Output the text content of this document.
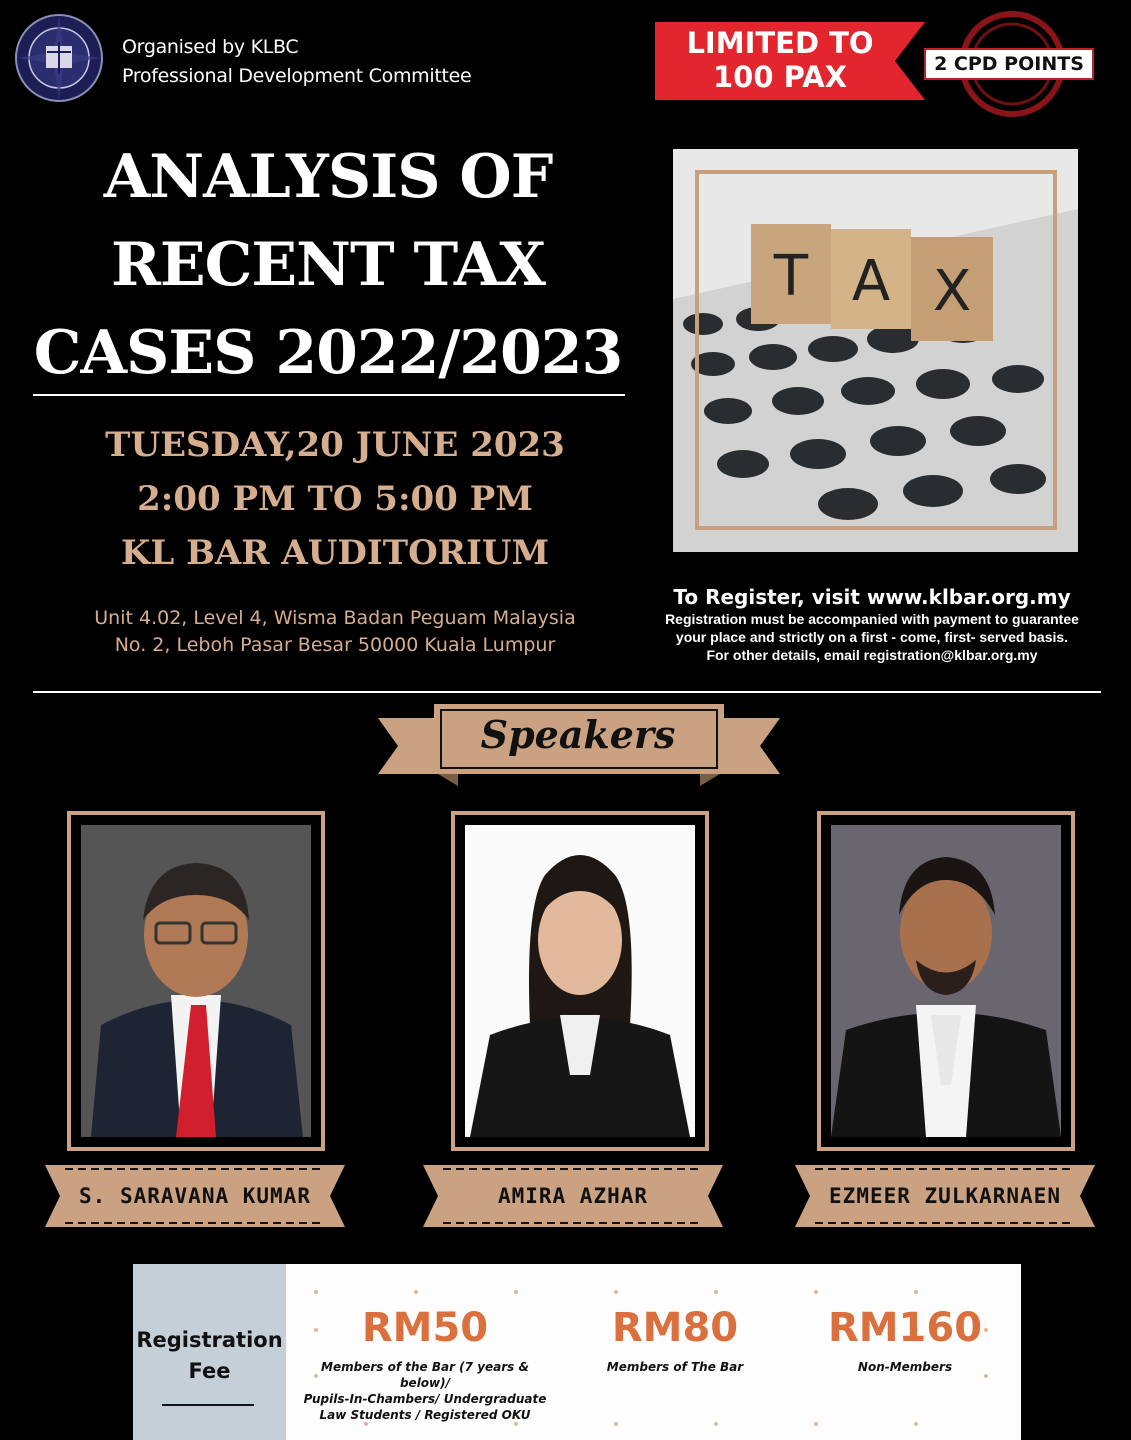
Organised by KLBC
Professional Development Committee
LIMITED TO
100 PAX	2 CPD POINTS
ANALYSIS OF
RECENT TAX
CASES 2022/2023
TUESDAY,20 JUNE 2023
2:00 PM TO 5:00 PM
KL BAR AUDITORIUM
Unit 4.02, Level 4, Wisma Badan Peguam Malaysia
No. 2, Leboh Pasar Besar 50000 Kuala Lumpur
T A X
To Register, visit www.klbar.org.my
Registration must be accompanied with payment to guarantee
your place and strictly on a first - come, first- served basis.
For other details, email registration@klbar.org.my
Speakers
S. SARAVANA KUMAR	AMIRA AZHAR	EZMEER ZULKARNAEN
Registration
Fee
RM50
Members of the Bar (7 years & below)/
Pupils-In-Chambers/ Undergraduate
Law Students / Registered OKU
RM80
Members of The Bar
RM160
Non-Members
